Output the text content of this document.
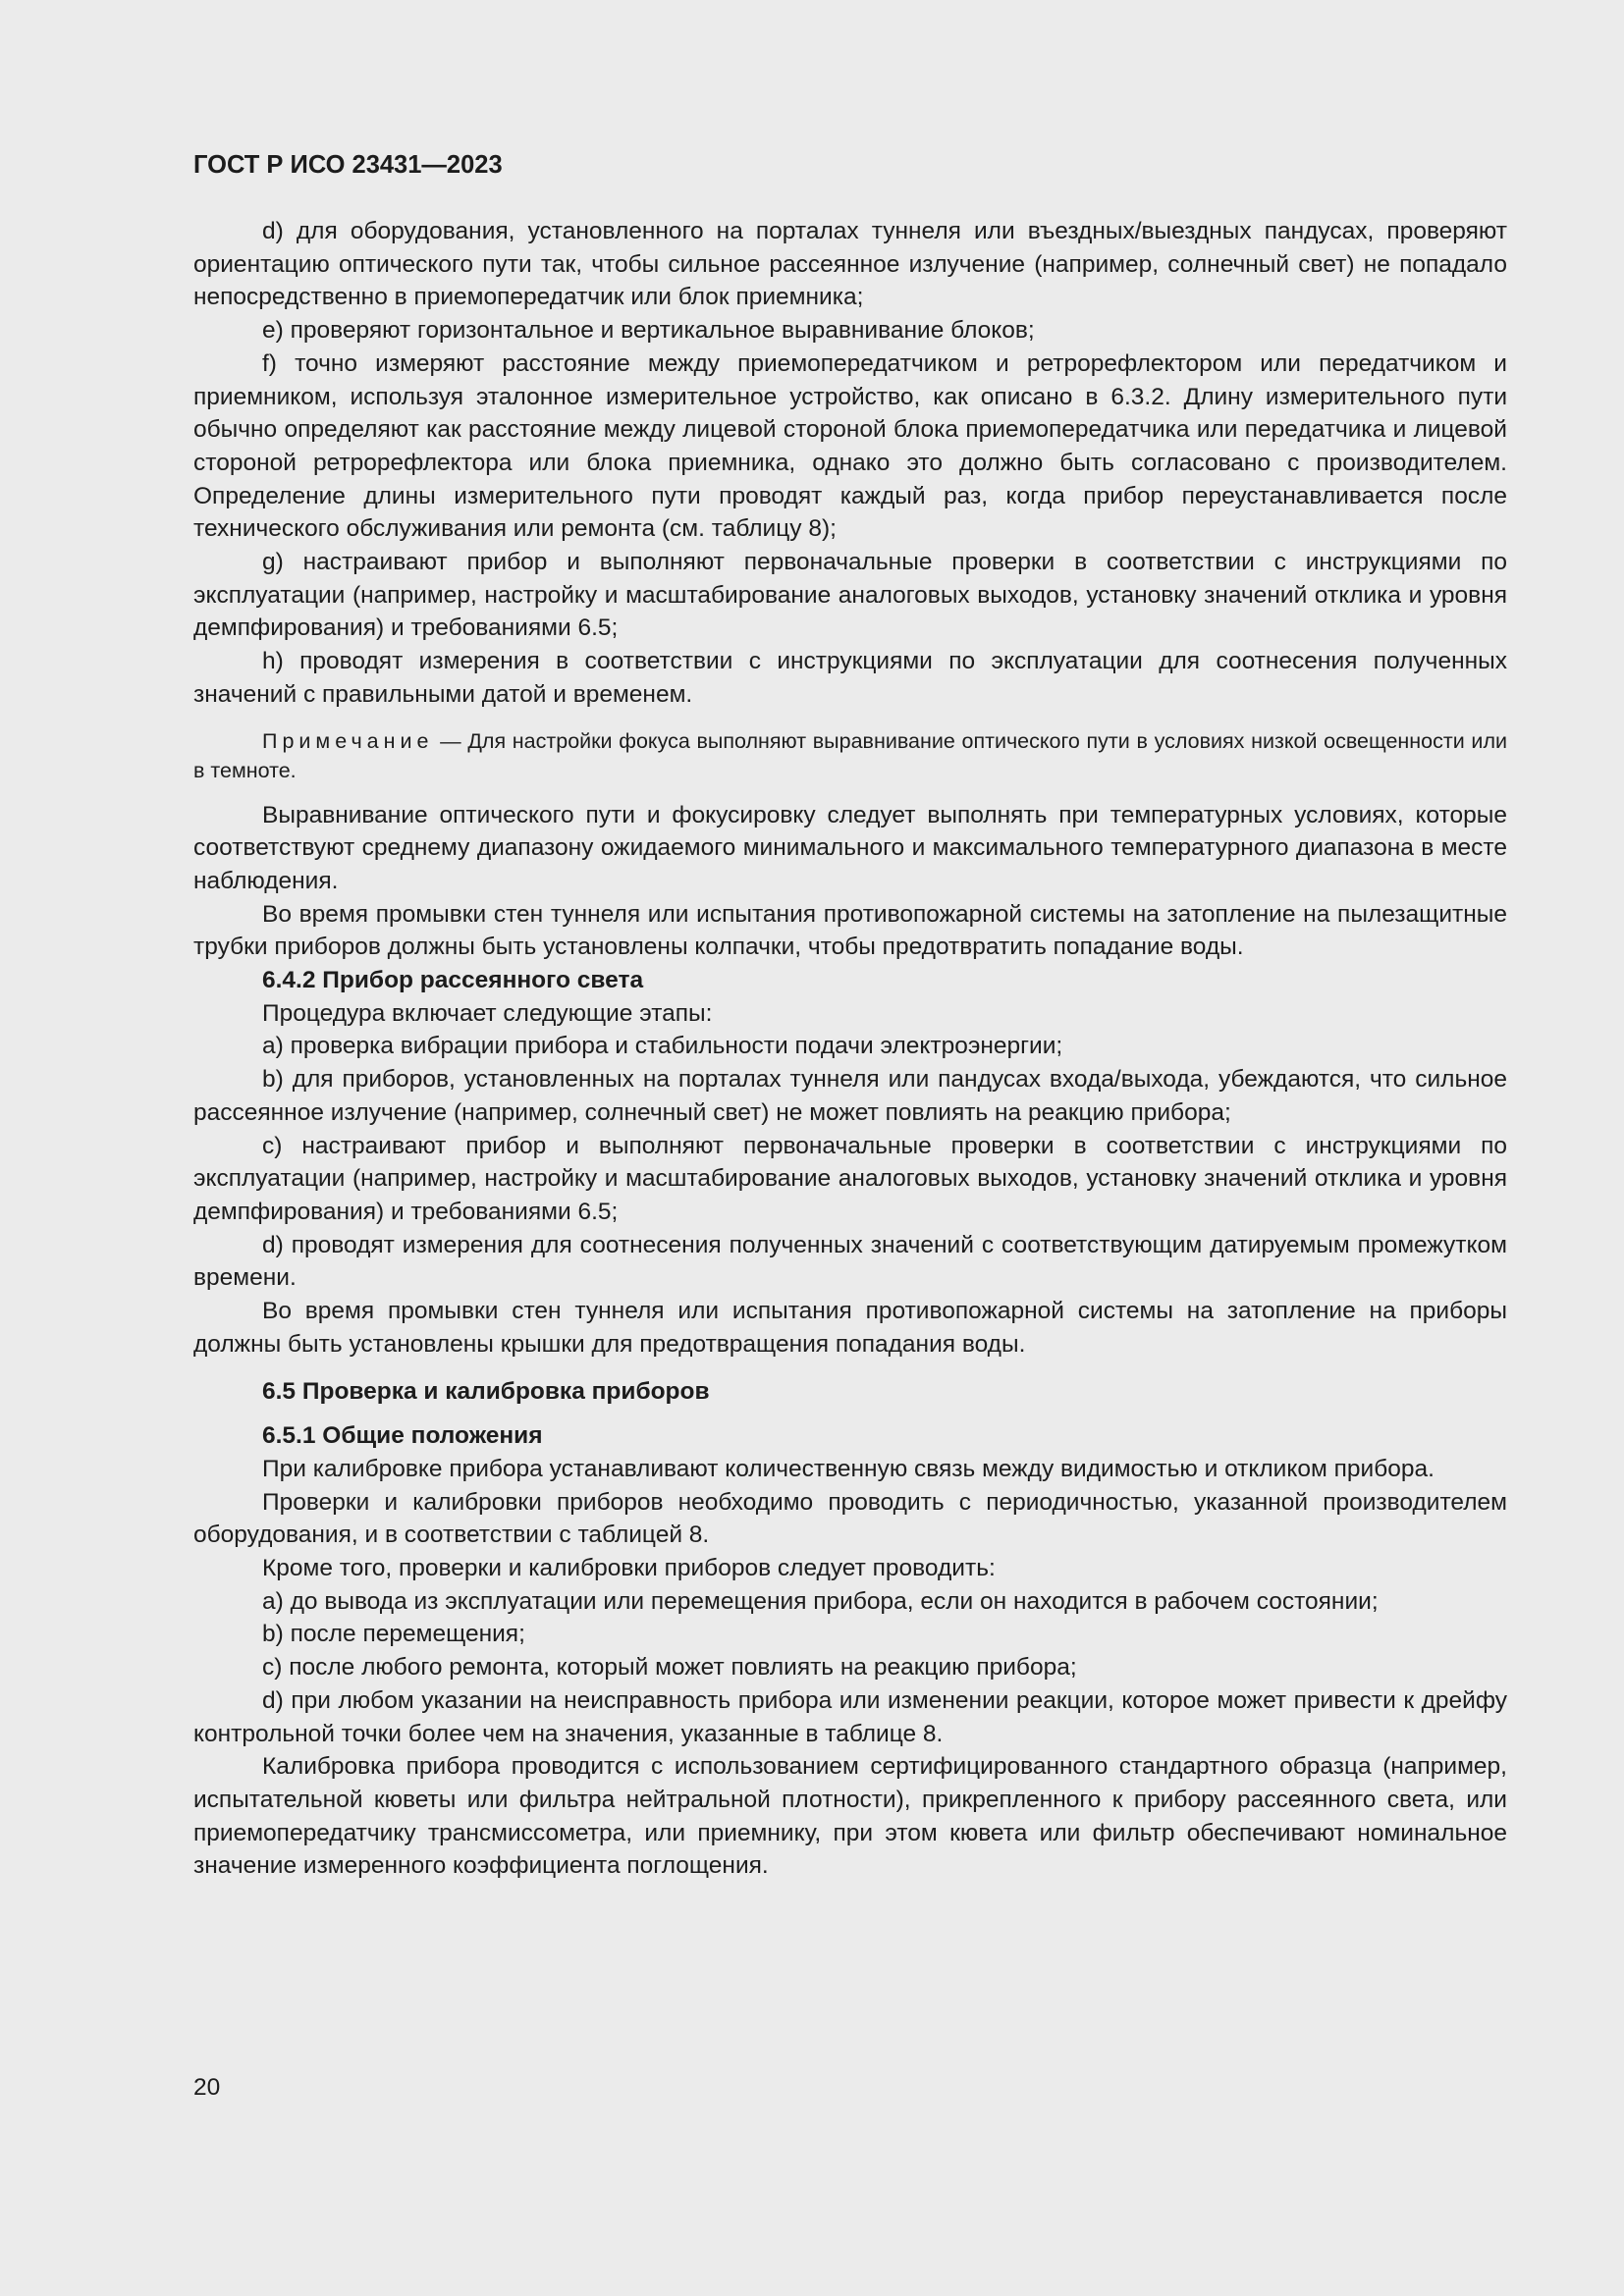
ГОСТ Р ИСО 23431—2023

d) для оборудования, установленного на порталах туннеля или въездных/выездных пандусах, проверяют ориентацию оптического пути так, чтобы сильное рассеянное излучение (например, солнечный свет) не попадало непосредственно в приемопередатчик или блок приемника;

e) проверяют горизонтальное и вертикальное выравнивание блоков;

f) точно измеряют расстояние между приемопередатчиком и ретрорефлектором или передатчиком и приемником, используя эталонное измерительное устройство, как описано в 6.3.2. Длину измерительного пути обычно определяют как расстояние между лицевой стороной блока приемопередатчика или передатчика и лицевой стороной ретрорефлектора или блока приемника, однако это должно быть согласовано с производителем. Определение длины измерительного пути проводят каждый раз, когда прибор переустанавливается после технического обслуживания или ремонта (см. таблицу 8);

g) настраивают прибор и выполняют первоначальные проверки в соответствии с инструкциями по эксплуатации (например, настройку и масштабирование аналоговых выходов, установку значений отклика и уровня демпфирования) и требованиями 6.5;

h) проводят измерения в соответствии с инструкциями по эксплуатации для соотнесения полученных значений с правильными датой и временем.

Примечание — Для настройки фокуса выполняют выравнивание оптического пути в условиях низкой освещенности или в темноте.

Выравнивание оптического пути и фокусировку следует выполнять при температурных условиях, которые соответствуют среднему диапазону ожидаемого минимального и максимального температурного диапазона в месте наблюдения.

Во время промывки стен туннеля или испытания противопожарной системы на затопление на пылезащитные трубки приборов должны быть установлены колпачки, чтобы предотвратить попадание воды.

6.4.2 Прибор рассеянного света

Процедура включает следующие этапы:

a) проверка вибрации прибора и стабильности подачи электроэнергии;

b) для приборов, установленных на порталах туннеля или пандусах входа/выхода, убеждаются, что сильное рассеянное излучение (например, солнечный свет) не может повлиять на реакцию прибора;

c) настраивают прибор и выполняют первоначальные проверки в соответствии с инструкциями по эксплуатации (например, настройку и масштабирование аналоговых выходов, установку значений отклика и уровня демпфирования) и требованиями 6.5;

d) проводят измерения для соотнесения полученных значений с соответствующим датируемым промежутком времени.

Во время промывки стен туннеля или испытания противопожарной системы на затопление на приборы должны быть установлены крышки для предотвращения попадания воды.

6.5 Проверка и калибровка приборов

6.5.1 Общие положения

При калибровке прибора устанавливают количественную связь между видимостью и откликом прибора.

Проверки и калибровки приборов необходимо проводить с периодичностью, указанной производителем оборудования, и в соответствии с таблицей 8.

Кроме того, проверки и калибровки приборов следует проводить:

a) до вывода из эксплуатации или перемещения прибора, если он находится в рабочем состоянии;

b) после перемещения;

c) после любого ремонта, который может повлиять на реакцию прибора;

d) при любом указании на неисправность прибора или изменении реакции, которое может привести к дрейфу контрольной точки более чем на значения, указанные в таблице 8.

Калибровка прибора проводится с использованием сертифицированного стандартного образца (например, испытательной кюветы или фильтра нейтральной плотности), прикрепленного к прибору рассеянного света, или приемопередатчику трансмиссометра, или приемнику, при этом кювета или фильтр обеспечивают номинальное значение измеренного коэффициента поглощения.

20
